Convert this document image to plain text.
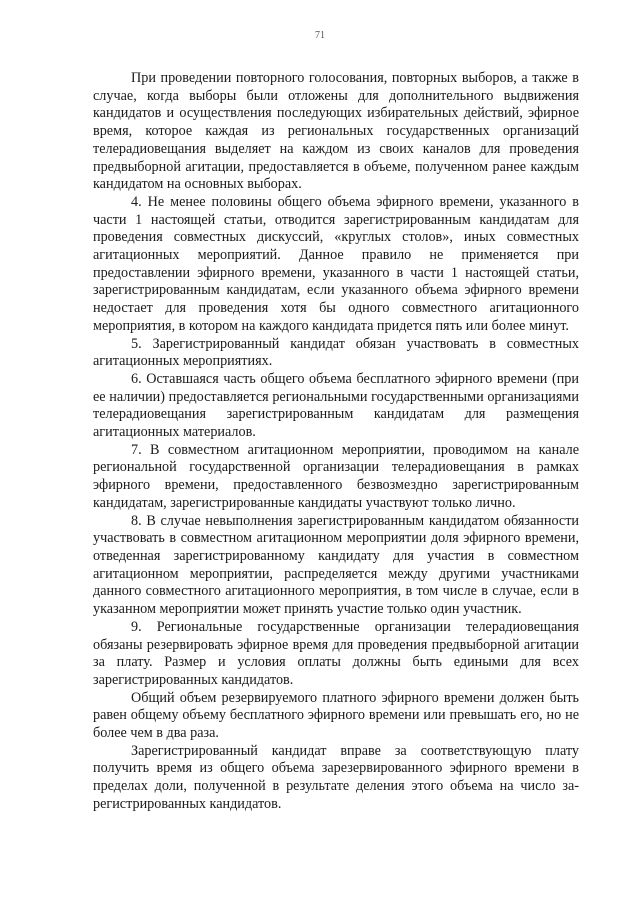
71

При проведении повторного голосования, повторных выборов, а также в случае, когда выборы были отложены для дополнительного выдвижения кандидатов и осуществления последующих избирательных действий, эфирное время, которое каждая из региональных государственных организаций телерадиовещания выделяет на каждом из своих каналов для проведения предвыборной агитации, предоставляется в объеме, полученном ранее каждым кандидатом на основных выборах.

4. Не менее половины общего объема эфирного времени, указанного в части 1 настоящей статьи, отводится зарегистрированным кандидатам для проведения совместных дискуссий, «круглых столов», иных совместных агитационных мероприятий. Данное правило не применяется при предоставлении эфирного времени, указанного в части 1 настоящей статьи, зарегистрированным кандидатам, если указанного объема эфирного времени недостает для проведения хотя бы одного совместного агитационного мероприятия, в котором на каждого кандидата придется пять или более минут.

5. Зарегистрированный кандидат обязан участвовать в совместных агитационных мероприятиях.

6. Оставшаяся часть общего объема бесплатного эфирного времени (при ее наличии) предоставляется региональными государственными организациями телерадиовещания зарегистрированным кандидатам для размещения агитационных материалов.

7. В совместном агитационном мероприятии, проводимом на канале региональной государственной организации телерадиовещания в рамках эфирного времени, предоставленного безвозмездно зарегистрированным кандидатам, зарегистрированные кандидаты участвуют только лично.

8. В случае невыполнения зарегистрированным кандидатом обязанности участвовать в совместном агитационном мероприятии доля эфирного времени, отведенная зарегистрированному кандидату для участия в совместном агитационном мероприятии, распределяется между другими участниками данного совместного агитационного мероприятия, в том числе в случае, если в указанном мероприятии может принять участие только один участник.

9. Региональные государственные организации телерадиовещания обязаны резервировать эфирное время для проведения предвыборной агитации за плату. Размер и условия оплаты должны быть едиными для всех зарегистрированных кандидатов.

Общий объем резервируемого платного эфирного времени должен быть равен общему объему бесплатного эфирного времени или превышать его, но не более чем в два раза.

Зарегистрированный кандидат вправе за соответствующую плату получить время из общего объема зарезервированного эфирного времени в пределах доли, полученной в результате деления этого объема на число зарегистрированных кандидатов.
